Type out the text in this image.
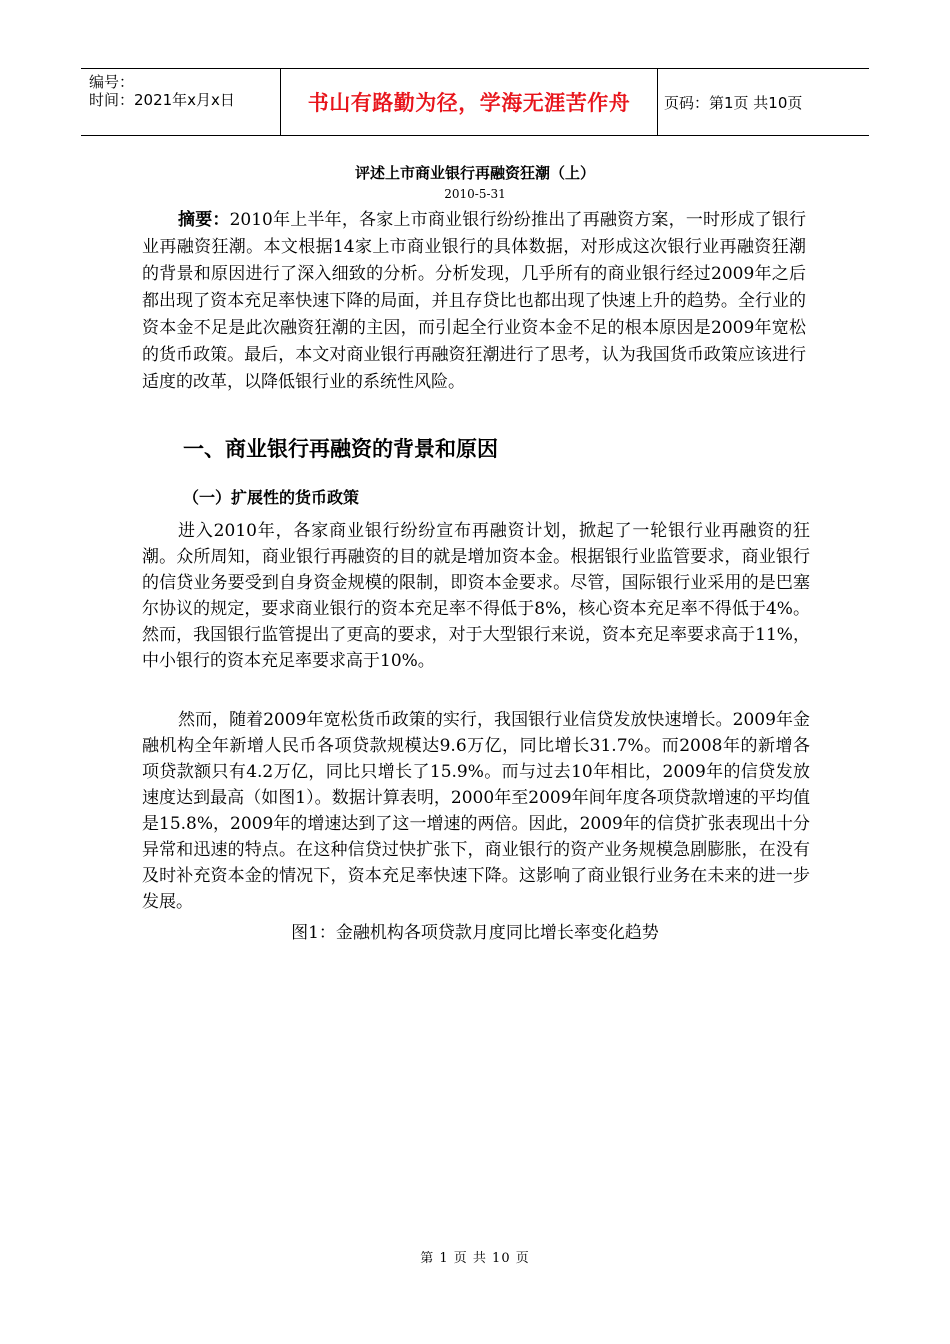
编号：
时间：2021年x月x日	书山有路勤为径，学海无涯苦作舟	页码：第1页 共10页
评述上市商业银行再融资狂潮（上）
2010-5-31
摘要：2010年上半年，各家上市商业银行纷纷推出了再融资方案，一时形成了银行业再融资狂潮。本文根据14家上市商业银行的具体数据，对形成这次银行业再融资狂潮的背景和原因进行了深入细致的分析。分析发现，几乎所有的商业银行经过2009年之后都出现了资本充足率快速下降的局面，并且存贷比也都出现了快速上升的趋势。全行业的资本金不足是此次融资狂潮的主因，而引起全行业资本金不足的根本原因是2009年宽松的货币政策。最后，本文对商业银行再融资狂潮进行了思考，认为我国货币政策应该进行适度的改革，以降低银行业的系统性风险。
一、商业银行再融资的背景和原因
（一）扩展性的货币政策
进入2010年，各家商业银行纷纷宣布再融资计划，掀起了一轮银行业再融资的狂潮。众所周知，商业银行再融资的目的就是增加资本金。根据银行业监管要求，商业银行的信贷业务要受到自身资金规模的限制，即资本金要求。尽管，国际银行业采用的是巴塞尔协议的规定，要求商业银行的资本充足率不得低于8%，核心资本充足率不得低于4%。然而，我国银行监管提出了更高的要求，对于大型银行来说，资本充足率要求高于11%，中小银行的资本充足率要求高于10%。
然而，随着2009年宽松货币政策的实行，我国银行业信贷发放快速增长。2009年金融机构全年新增人民币各项贷款规模达9.6万亿，同比增长31.7%。而2008年的新增各项贷款额只有4.2万亿，同比只增长了15.9%。而与过去10年相比，2009年的信贷发放速度达到最高（如图1）。数据计算表明，2000年至2009年间年度各项贷款增速的平均值是15.8%，2009年的增速达到了这一增速的两倍。因此，2009年的信贷扩张表现出十分异常和迅速的特点。在这种信贷过快扩张下，商业银行的资产业务规模急剧膨胀，在没有及时补充资本金的情况下，资本充足率快速下降。这影响了商业银行业务在未来的进一步发展。
图1：金融机构各项贷款月度同比增长率变化趋势
第 1 页 共 10 页
